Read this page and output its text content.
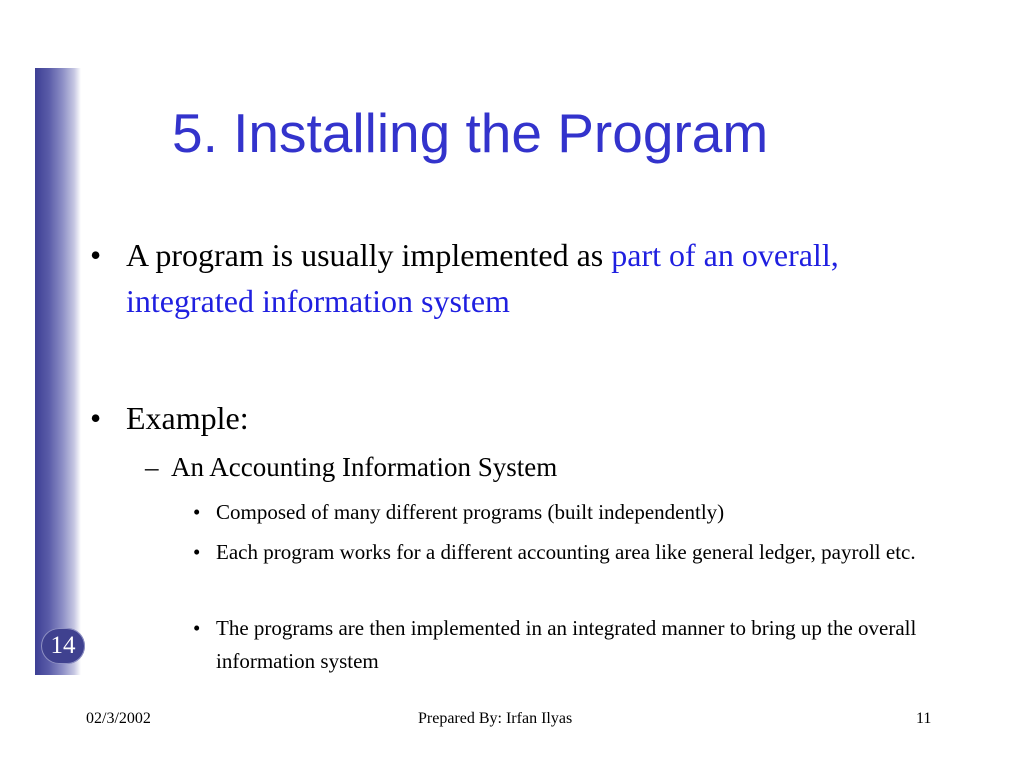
14
5. Installing the Program
• A program is usually implemented as part of an overall, integrated information system
• Example:
– An Accounting Information System
• Composed of many different programs (built independently)
• Each program works for a different accounting area like general ledger, payroll etc.
• The programs are then implemented in an integrated manner to bring up the overall information system
02/3/2002	Prepared By: Irfan Ilyas	11
